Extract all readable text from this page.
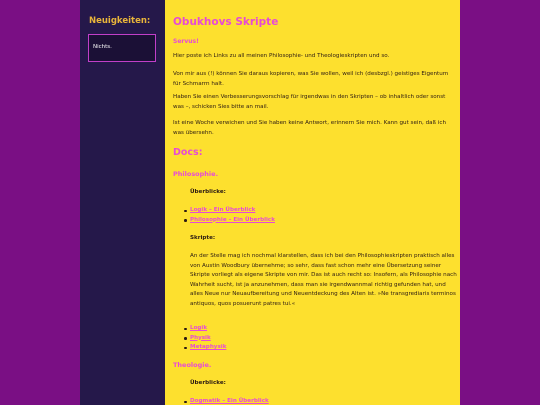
Neuigkeiten:
Nichts.
Obukhovs Skripte
Servus!

Hier poste ich Links zu all meinen Philosophie- und Theologieskripten und so.

Von mir aus (!) können Sie daraus kopieren, was Sie wollen, weil ich (desbzgl.) geistiges Eigentum für Schmarrn halt.

Haben Sie einen Verbesserungsvorschlag für irgendwas in den Skripten – ob inhaltlich oder sonst was –, schicken Sies bitte an mail.

Ist eine Woche verwichen und Sie haben keine Antwort, erinnern Sie mich. Kann gut sein, daß ich was übersehn.

Docs:
Philosophie.
Überblicke:
Logik – Ein Überblick
Philosophie – Ein Überblick
Skripte:

An der Stelle mag ich nochmal klarstellen, dass ich bei den Philosophieskripten praktisch alles von Austin Woodbury übernehme; so sehr, dass fast schon mehr eine Übersetzung seiner Skripte vorliegt als eigene Skripte von mir. Das ist auch recht so: Insofern, als Philosophie nach Wahrheit sucht, ist ja anzunehmen, dass man sie irgendwannmal richtig gefunden hat, und alles Neue nur Neuaufbereitung und Neuentdeckung des Alten ist. »Ne transgrediaris terminos antiquos, quos posuerunt patres tui.«

Logik
Physik
Metaphysik
Theologie.
Überblicke:
Dogmatik – Ein Überblick
